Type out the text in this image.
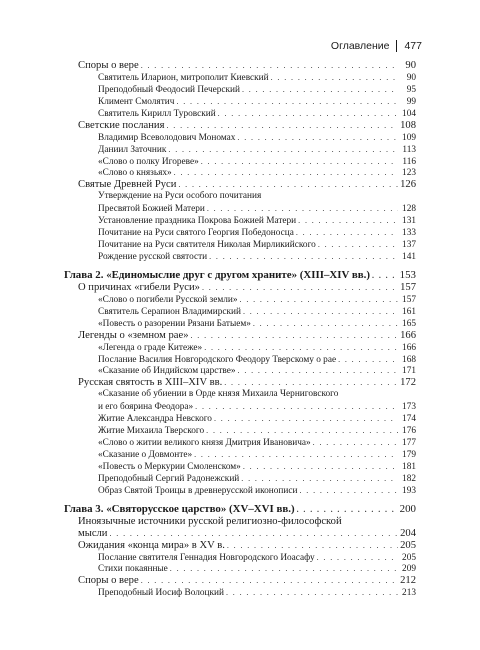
Оглавление 477
Споры о вере . . .	90
Святитель Иларион, митрополит Киевский . . .	90
Преподобный Феодосий Печерский . . .	95
Климент Смолятич . . .	99
Святитель Кирилл Туровский . . .	104
Светские послания . . .	108
Владимир Всеволодович Мономах . . .	109
Даниил Заточник . . .	113
«Слово о полку Игореве» . . .	116
«Слово о князьях» . . .	123
Святые Древней Руси . . .	126
Утверждение на Руси особого почитания
Пресвятой Божией Матери . . .	128
Установление праздника Покрова Божией Матери . . .	131
Почитание на Руси святого Георгия Победоносца . . .	133
Почитание на Руси святителя Николая Мирликийского . . .	137
Рождение русской святости . . .	141
Глава 2. «Единомыслие друг с другом храните» (XIII–XIV вв.) . . .	153
О причинах «гибели Руси» . . .	157
«Слово о погибели Русской земли» . . .	157
Святитель Серапион Владимирский . . .	161
«Повесть о разорении Рязани Батыем» . . .	165
Легенды о «земном рае» . . .	166
«Легенда о граде Китеже» . . .	166
Послание Василия Новгородского Феодору Тверскому о рае . . .	168
«Сказание об Индийском царстве» . . .	171
Русская святость в XIII–XIV вв. . . .	172
«Сказание об убиении в Орде князя Михаила Черниговского
и его боярина Феодора» . . .	173
Житие Александра Невского . . .	174
Житие Михаила Тверского . . .	176
«Слово о житии великого князя Дмитрия Ивановича» . . .	177
«Сказание о Довмонте» . . .	179
«Повесть о Меркурии Смоленском» . . .	181
Преподобный Сергий Радонежский . . .	182
Образ Святой Троицы в древнерусской иконописи . . .	193
Глава 3. «Святорусское царство» (XV–XVI вв.) . . .	200
Иноязычные источники русской религиозно-философской
мысли . . .	204
Ожидания «конца мира» в XV в. . . .	205
Послание святителя Геннадия Новгородского Иоасафу . . .	205
Стихи покаянные . . .	209
Споры о вере . . .	212
Преподобный Иосиф Волоцкий . . .	213
